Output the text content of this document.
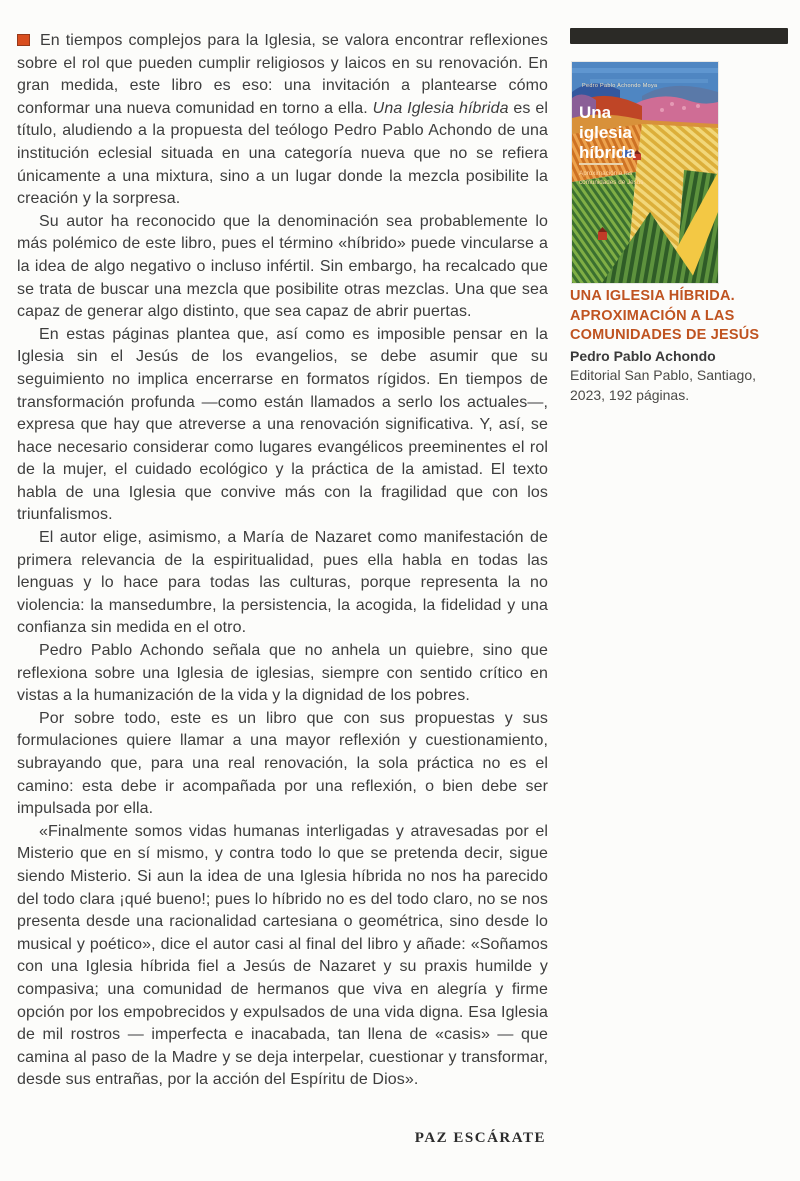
En tiempos complejos para la Iglesia, se valora encontrar reflexiones sobre el rol que pueden cumplir religiosos y laicos en su renovación. En gran medida, este libro es eso: una invitación a plantearse cómo conformar una nueva comunidad en torno a ella. Una Iglesia híbrida es el título, aludiendo a la propuesta del teólogo Pedro Pablo Achondo de una institución eclesial situada en una categoría nueva que no se refiera únicamente a una mixtura, sino a un lugar donde la mezcla posibilite la creación y la sorpresa.

Su autor ha reconocido que la denominación sea probablemente lo más polémico de este libro, pues el término «híbrido» puede vincularse a la idea de algo negativo o incluso infértil. Sin embargo, ha recalcado que se trata de buscar una mezcla que posibilite otras mezclas. Una que sea capaz de generar algo distinto, que sea capaz de abrir puertas.

En estas páginas plantea que, así como es imposible pensar en la Iglesia sin el Jesús de los evangelios, se debe asumir que su seguimiento no implica encerrarse en formatos rígidos. En tiempos de transformación profunda —como están llamados a serlo los actuales—, expresa que hay que atreverse a una renovación significativa. Y, así, se hace necesario considerar como lugares evangélicos preeminentes el rol de la mujer, el cuidado ecológico y la práctica de la amistad. El texto habla de una Iglesia que convive más con la fragilidad que con los triunfalismos.

El autor elige, asimismo, a María de Nazaret como manifestación de primera relevancia de la espiritualidad, pues ella habla en todas las lenguas y lo hace para todas las culturas, porque representa la no violencia: la mansedumbre, la persistencia, la acogida, la fidelidad y una confianza sin medida en el otro.

Pedro Pablo Achondo señala que no anhela un quiebre, sino que reflexiona sobre una Iglesia de iglesias, siempre con sentido crítico en vistas a la humanización de la vida y la dignidad de los pobres.

Por sobre todo, este es un libro que con sus propuestas y sus formulaciones quiere llamar a una mayor reflexión y cuestionamiento, subrayando que, para una real renovación, la sola práctica no es el camino: esta debe ir acompañada por una reflexión, o bien debe ser impulsada por ella.

«Finalmente somos vidas humanas interligadas y atravesadas por el Misterio que en sí mismo, y contra todo lo que se pretenda decir, sigue siendo Misterio. Si aun la idea de una Iglesia híbrida no nos ha parecido del todo clara ¡qué bueno!; pues lo híbrido no es del todo claro, no se nos presenta desde una racionalidad cartesiana o geométrica, sino desde lo musical y poético», dice el autor casi al final del libro y añade: «Soñamos con una Iglesia híbrida fiel a Jesús de Nazaret y su praxis humilde y compasiva; una comunidad de hermanos que viva en alegría y firme opción por los empobrecidos y expulsados de una vida digna. Esa Iglesia de mil rostros — imperfecta e inacabada, tan llena de «casis» — que camina al paso de la Madre y se deja interpelar, cuestionar y transformar, desde sus entrañas, por la acción del Espíritu de Dios».

Pedro Pablo Achondo Moya
Una
iglesia
híbrida
Aproximación a las
comunidades de Jesús
UNA IGLESIA HÍBRIDA. APROXIMACIÓN A LAS COMUNIDADES DE JESÚS
Pedro Pablo Achondo
Editorial San Pablo, Santiago, 2023, 192 páginas.
PAZ ESCÁRATE
